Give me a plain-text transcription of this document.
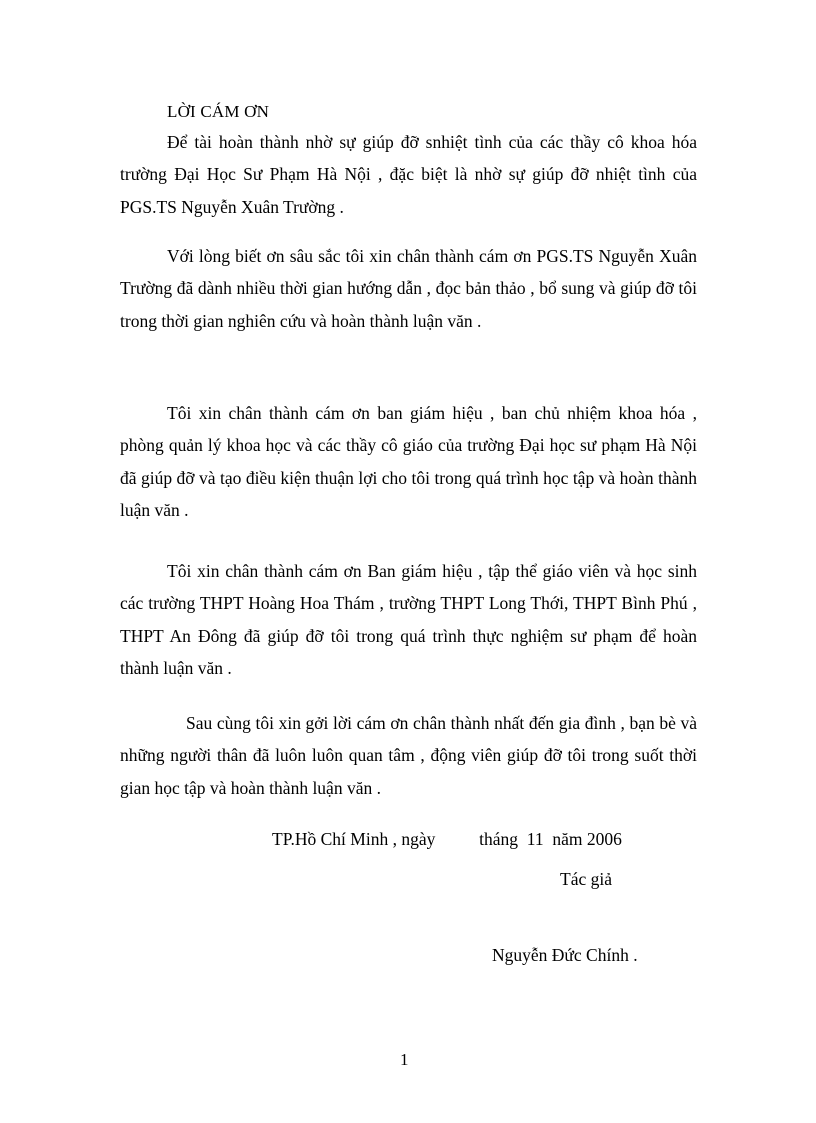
LỜI CÁM ƠN

Để tài hoàn thành nhờ sự giúp đỡ snhiệt tình của các thầy cô khoa hóa trường Đại Học Sư Phạm Hà Nội , đặc biệt là nhờ sự giúp đỡ nhiệt tình của PGS.TS Nguyễn Xuân Trường .

Với lòng biết ơn sâu sắc tôi xin chân thành cám ơn PGS.TS Nguyễn Xuân Trường đã dành nhiều thời gian hướng dẫn , đọc bản thảo , bổ sung và giúp đỡ tôi trong thời gian nghiên cứu và hoàn thành luận văn .

Tôi xin chân thành cám ơn ban giám hiệu , ban chủ nhiệm khoa hóa , phòng quản lý khoa học và các thầy cô giáo của trường Đại học sư phạm Hà Nội đã giúp đỡ và tạo điều kiện thuận lợi cho tôi trong quá trình học tập và hoàn thành luận văn .

Tôi xin chân thành cám ơn Ban giám hiệu , tập thể giáo viên và học sinh các trường THPT Hoàng Hoa Thám , trường THPT Long Thới, THPT Bình Phú , THPT An Đông đã giúp đỡ tôi trong quá trình thực nghiệm sư phạm để hoàn thành luận văn .

Sau cùng tôi xin gởi lời cám ơn chân thành nhất đến gia đình , bạn bè và những người thân đã luôn luôn quan tâm , động viên giúp đỡ tôi trong suốt thời gian học tập và hoàn thành luận văn .

TP.Hồ Chí Minh , ngày          tháng  11  năm 2006
Tác giả
Nguyễn Đức Chính .
1
